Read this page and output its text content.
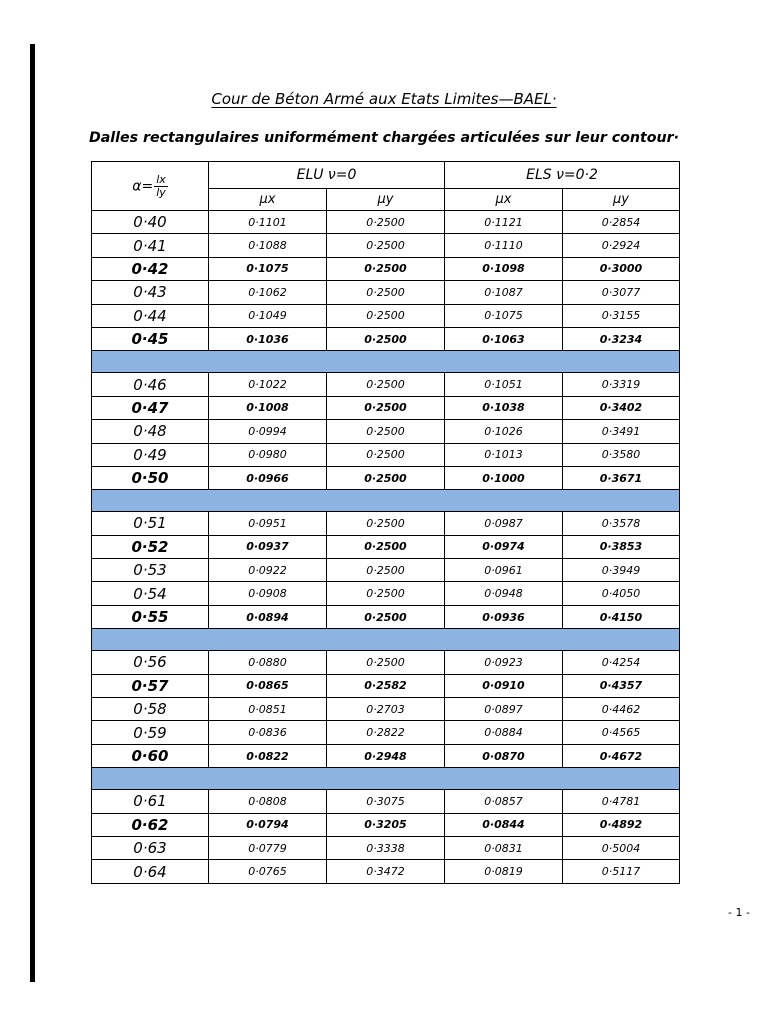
Cour de Béton Armé aux Etats Limites—BAEL·
Dalles rectangulaires uniformément chargées articulées sur leur contour·
$\alpha= \frac{lx}{ly}$	ELU ν=0		ELS ν=0·2	
	μx	μy	μx	μy
0·40	0·1101	0·2500	0·1121	0·2854
0·41	0·1088	0·2500	0·1110	0·2924
0·42	0·1075	0·2500	0·1098	0·3000
0·43	0·1062	0·2500	0·1087	0·3077
0·44	0·1049	0·2500	0·1075	0·3155
0·45	0·1036	0·2500	0·1063	0·3234

0·46	0·1022	0·2500	0·1051	0·3319
0·47	0·1008	0·2500	0·1038	0·3402
0·48	0·0994	0·2500	0·1026	0·3491
0·49	0·0980	0·2500	0·1013	0·3580
0·50	0·0966	0·2500	0·1000	0·3671

0·51	0·0951	0·2500	0·0987	0·3578
0·52	0·0937	0·2500	0·0974	0·3853
0·53	0·0922	0·2500	0·0961	0·3949
0·54	0·0908	0·2500	0·0948	0·4050
0·55	0·0894	0·2500	0·0936	0·4150

0·56	0·0880	0·2500	0·0923	0·4254
0·57	0·0865	0·2582	0·0910	0·4357
0·58	0·0851	0·2703	0·0897	0·4462
0·59	0·0836	0·2822	0·0884	0·4565
0·60	0·0822	0·2948	0·0870	0·4672

0·61	0·0808	0·3075	0·0857	0·4781
0·62	0·0794	0·3205	0·0844	0·4892
0·63	0·0779	0·3338	0·0831	0·5004
0·64	0·0765	0·3472	0·0819	0·5117
- 1 -
